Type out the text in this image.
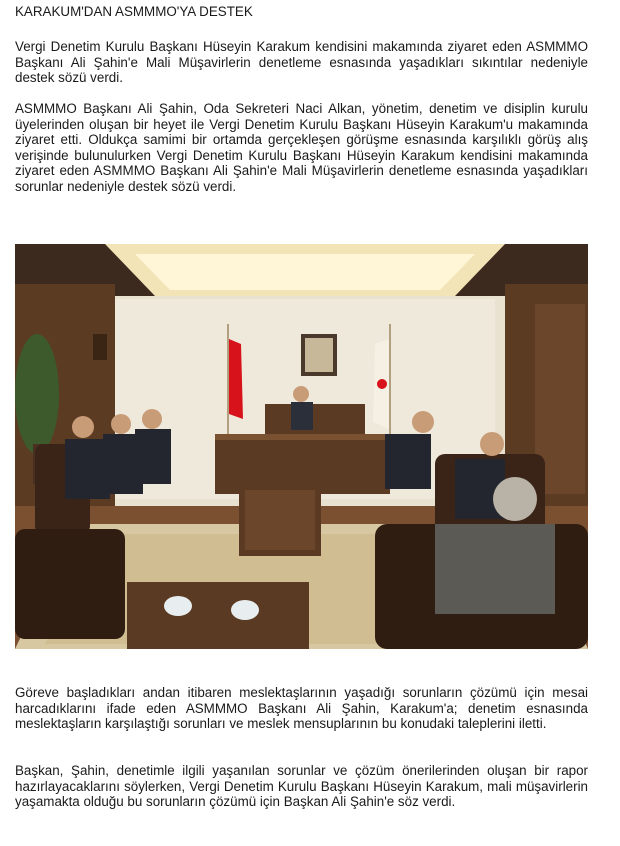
KARAKUM'DAN ASMMMO'YA DESTEK

Vergi Denetim Kurulu Başkanı Hüseyin Karakum kendisini makamında ziyaret eden ASMMMO Başkanı Ali Şahin'e Mali Müşavirlerin denetleme esnasında yaşadıkları sıkıntılar nedeniyle destek sözü verdi.

ASMMMO Başkanı Ali Şahin, Oda Sekreteri Naci Alkan, yönetim, denetim ve disiplin kurulu üyelerinden oluşan bir heyet ile Vergi Denetim Kurulu Başkanı Hüseyin Karakum'u makamında ziyaret etti. Oldukça samimi bir ortamda gerçekleşen görüşme esnasında karşılıklı görüş alış verişinde bulunulurken Vergi Denetim Kurulu Başkanı Hüseyin Karakum kendisini makamında ziyaret eden ASMMMO Başkanı Ali Şahin'e Mali Müşavirlerin denetleme esnasında yaşadıkları sorunlar nedeniyle destek sözü verdi.

Göreve başladıkları andan itibaren meslektaşlarının yaşadığı sorunların çözümü için mesai harcadıklarını ifade eden ASMMMO Başkanı Ali Şahin, Karakum'a; denetim esnasında meslektaşların karşılaştığı sorunları ve meslek mensuplarının bu konudaki taleplerini iletti.

Başkan, Şahin, denetimle ilgili yaşanılan sorunlar ve çözüm önerilerinden oluşan bir rapor hazırlayacaklarını söylerken, Vergi Denetim Kurulu Başkanı Hüseyin Karakum, mali müşavirlerin yaşamakta olduğu bu sorunların çözümü için Başkan Ali Şahin'e söz verdi.
